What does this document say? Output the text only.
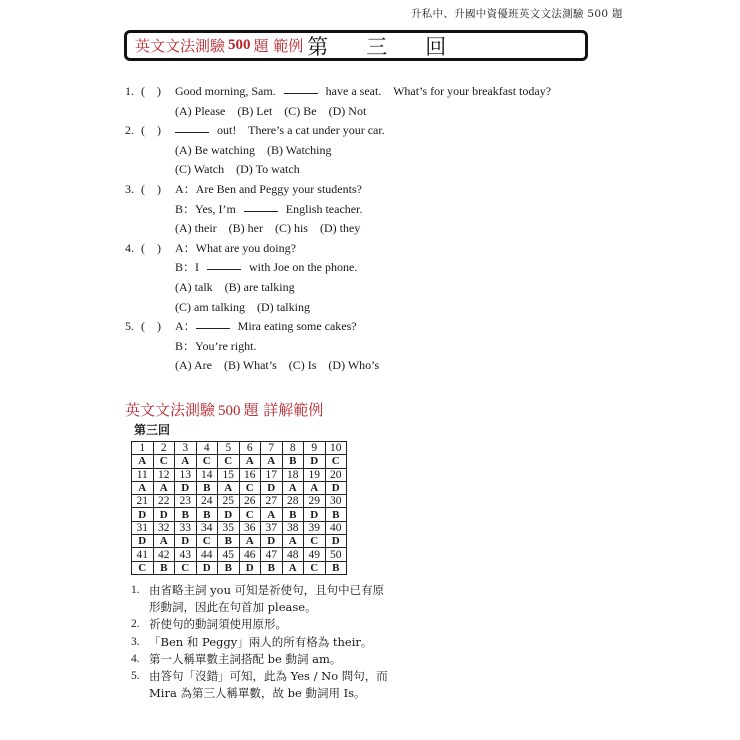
升私中、升國中資優班英文文法測驗 500 題
英文文法測驗 500 題 範例 第 三 回
1. (    )	Good morning, Sam.	have a seat.    What’s for your breakfast today?
(A) Please    (B) Let    (C) Be    (D) Not
2. (    )	out!    There’s a cat under your car.
(A) Be watching    (B) Watching
(C) Watch    (D) To watch
3. (    )	A：Are Ben and Peggy your students?
B：Yes, I’m	English teacher.
(A) their    (B) her    (C) his    (D) they
4. (    )	A：What are you doing?
B：I	with Joe on the phone.
(A) talk    (B) are talking
(C) am talking    (D) talking
5. (    )	A：	Mira eating some cakes?
B：You’re right.
(A) Are    (B) What’s    (C) Is    (D) Who’s
英文文法測驗 500 題 詳解範例
第三回
1	2	3	4	5	6	7	8	9	10
A	C	A	C	C	A	A	B	D	C
11	12	13	14	15	16	17	18	19	20
A	A	D	B	A	C	D	A	A	D
21	22	23	24	25	26	27	28	29	30
D	D	B	B	D	C	A	B	D	B
31	32	33	34	35	36	37	38	39	40
D	A	D	C	B	A	D	A	C	D
41	42	43	44	45	46	47	48	49	50
C	B	C	D	B	D	B	A	C	B
1. 由省略主詞 you 可知是祈使句，且句中已有原形動詞，因此在句首加 please。
2. 祈使句的動詞須使用原形。
3. 「Ben 和 Peggy」兩人的所有格為 their。
4. 第一人稱單數主詞搭配 be 動詞 am。
5. 由答句「沒錯」可知，此為 Yes / No 問句，而 Mira 為第三人稱單數，故 be 動詞用 Is。
